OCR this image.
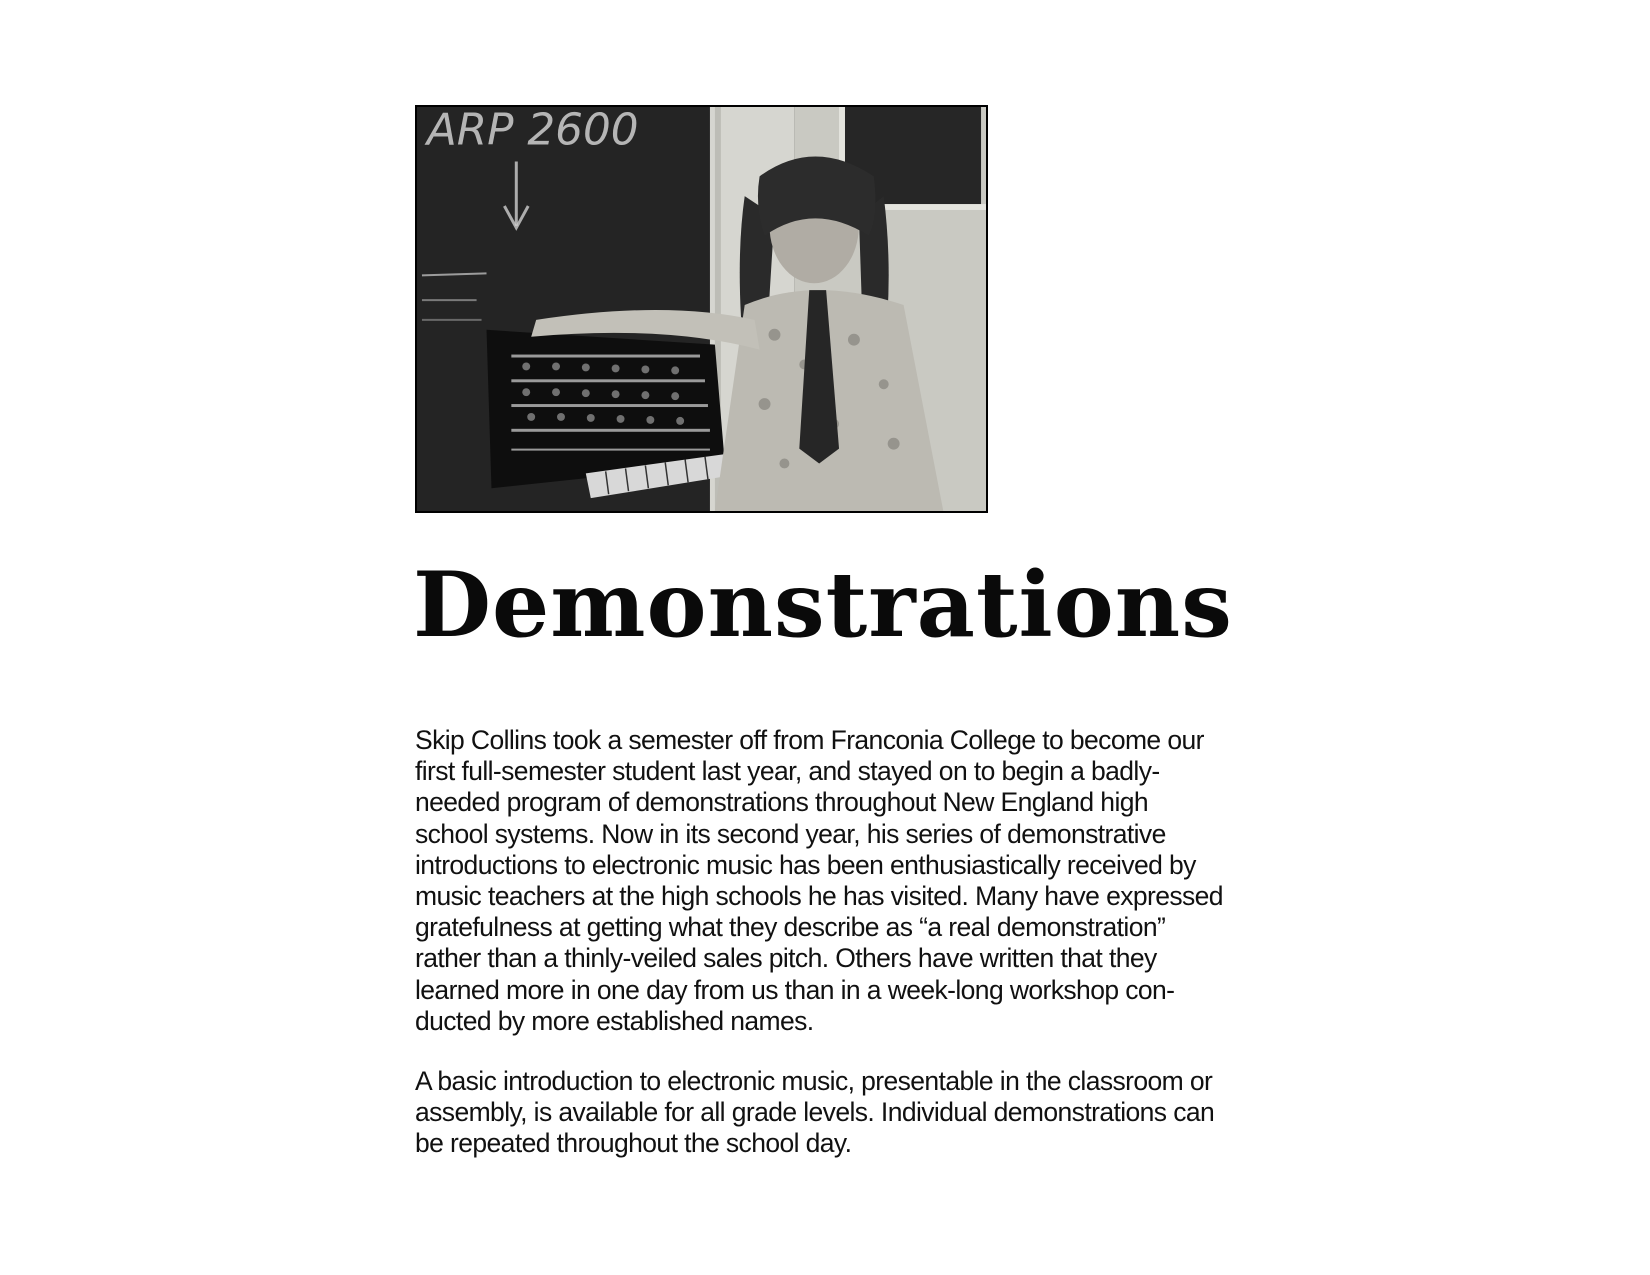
ARP 2600
Demonstrations

Skip Collins took a semester off from Franconia College to become our
first full-semester student last year, and stayed on to begin a badly-
needed program of demonstrations throughout New England high
school systems. Now in its second year, his series of demonstrative
introductions to electronic music has been enthusiastically received by
music teachers at the high schools he has visited. Many have expressed
gratefulness at getting what they describe as “a real demonstration”
rather than a thinly-veiled sales pitch. Others have written that they
learned more in one day from us than in a week-long workshop con-
ducted by more established names.

A basic introduction to electronic music, presentable in the classroom or
assembly, is available for all grade levels. Individual demonstrations can
be repeated throughout the school day.
